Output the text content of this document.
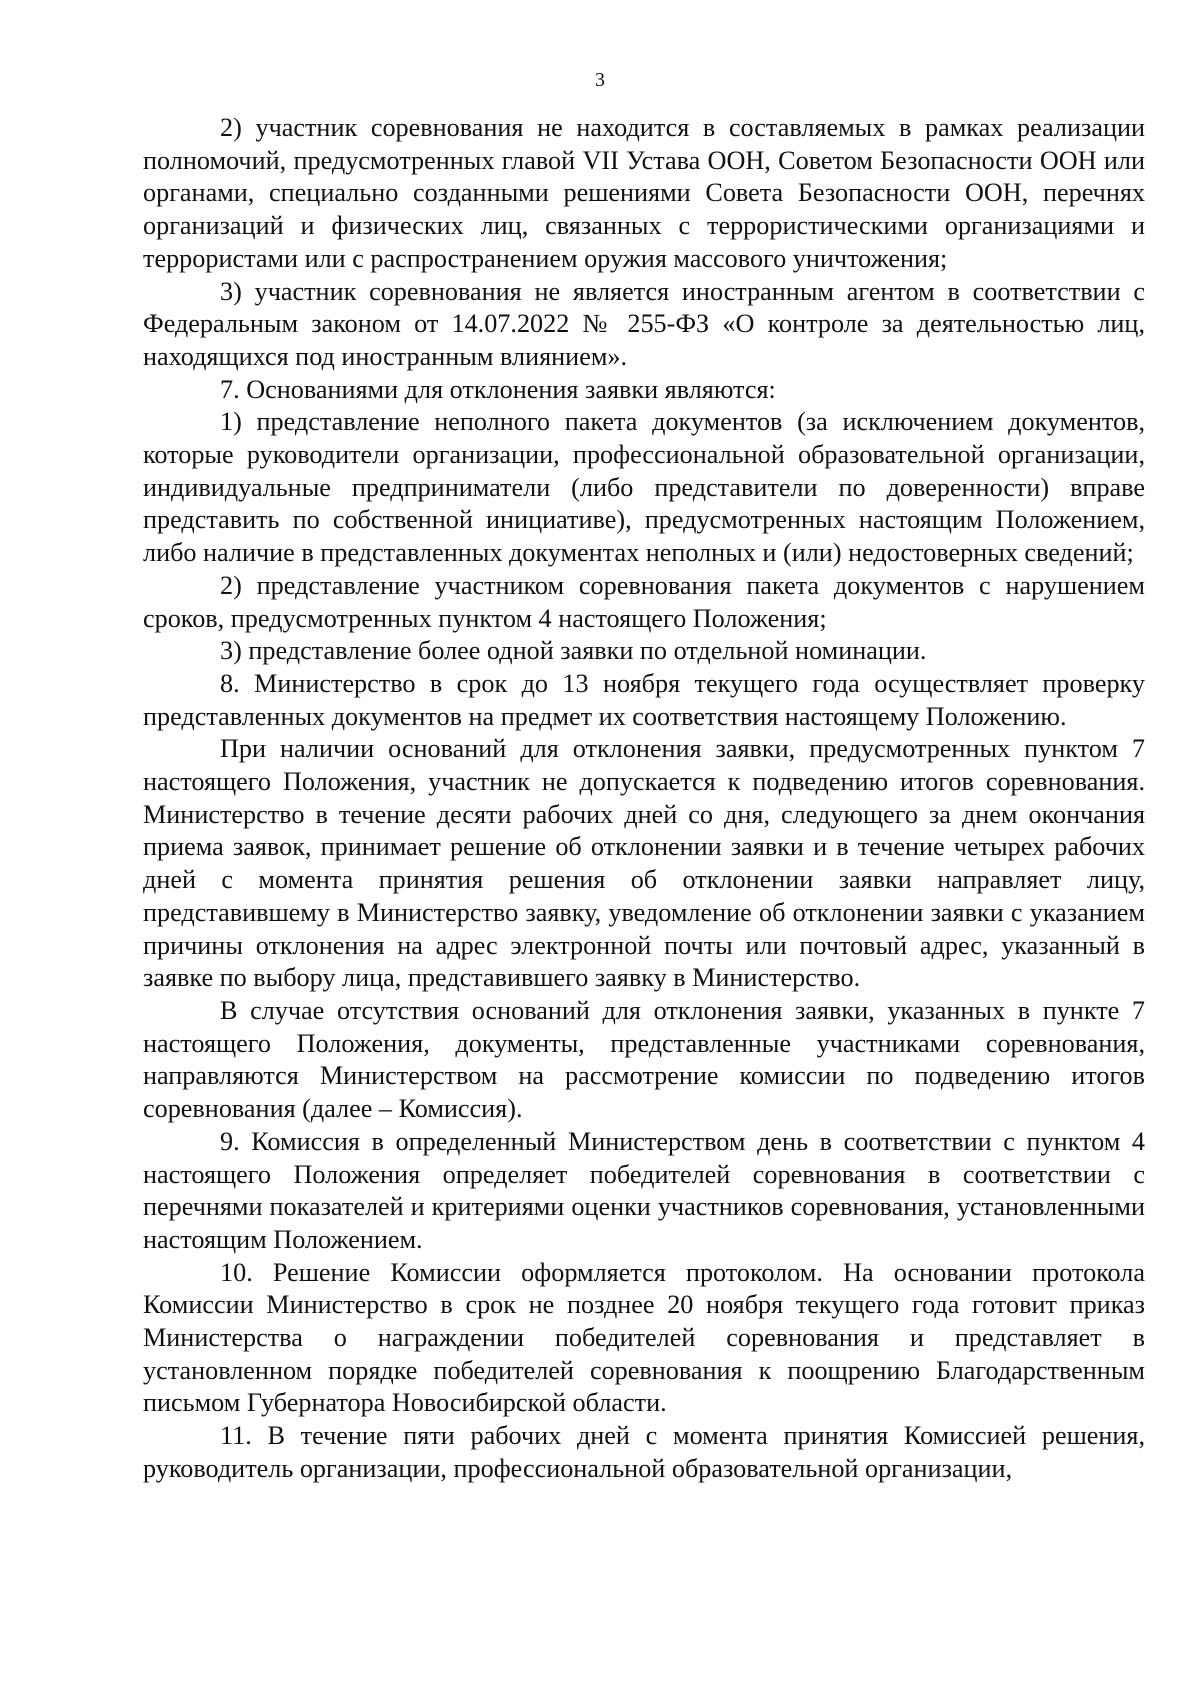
3

2) участник соревнования не находится в составляемых в рамках реализации полномочий, предусмотренных главой VII Устава ООН, Советом Безопасности ООН или органами, специально созданными решениями Совета Безопасности ООН, перечнях организаций и физических лиц, связанных с террористическими организациями и террористами или с распространением оружия массового уничтожения;

3) участник соревнования не является иностранным агентом в соответствии с Федеральным законом от 14.07.2022 № 255-ФЗ «О контроле за деятельностью лиц, находящихся под иностранным влиянием».

7. Основаниями для отклонения заявки являются:

1) представление неполного пакета документов (за исключением документов, которые руководители организации, профессиональной образовательной организации, индивидуальные предприниматели (либо представители по доверенности) вправе представить по собственной инициативе), предусмотренных настоящим Положением, либо наличие в представленных документах неполных и (или) недостоверных сведений;

2) представление участником соревнования пакета документов с нарушением сроков, предусмотренных пунктом 4 настоящего Положения;

3) представление более одной заявки по отдельной номинации.

8. Министерство в срок до 13 ноября текущего года осуществляет проверку представленных документов на предмет их соответствия настоящему Положению.

При наличии оснований для отклонения заявки, предусмотренных пунктом 7 настоящего Положения, участник не допускается к подведению итогов соревнования. Министерство в течение десяти рабочих дней со дня, следующего за днем окончания приема заявок, принимает решение об отклонении заявки и в течение четырех рабочих дней с момента принятия решения об отклонении заявки направляет лицу, представившему в Министерство заявку, уведомление об отклонении заявки с указанием причины отклонения на адрес электронной почты или почтовый адрес, указанный в заявке по выбору лица, представившего заявку в Министерство.

В случае отсутствия оснований для отклонения заявки, указанных в пункте 7 настоящего Положения, документы, представленные участниками соревнования, направляются Министерством на рассмотрение комиссии по подведению итогов соревнования (далее – Комиссия).

9. Комиссия в определенный Министерством день в соответствии с пунктом 4 настоящего Положения определяет победителей соревнования в соответствии с перечнями показателей и критериями оценки участников соревнования, установленными настоящим Положением.

10. Решение Комиссии оформляется протоколом. На основании протокола Комиссии Министерство в срок не позднее 20 ноября текущего года готовит приказ Министерства о награждении победителей соревнования и представляет в установленном порядке победителей соревнования к поощрению Благодарственным письмом Губернатора Новосибирской области.

11. В течение пяти рабочих дней с момента принятия Комиссией решения, руководитель организации, профессиональной образовательной организации,
